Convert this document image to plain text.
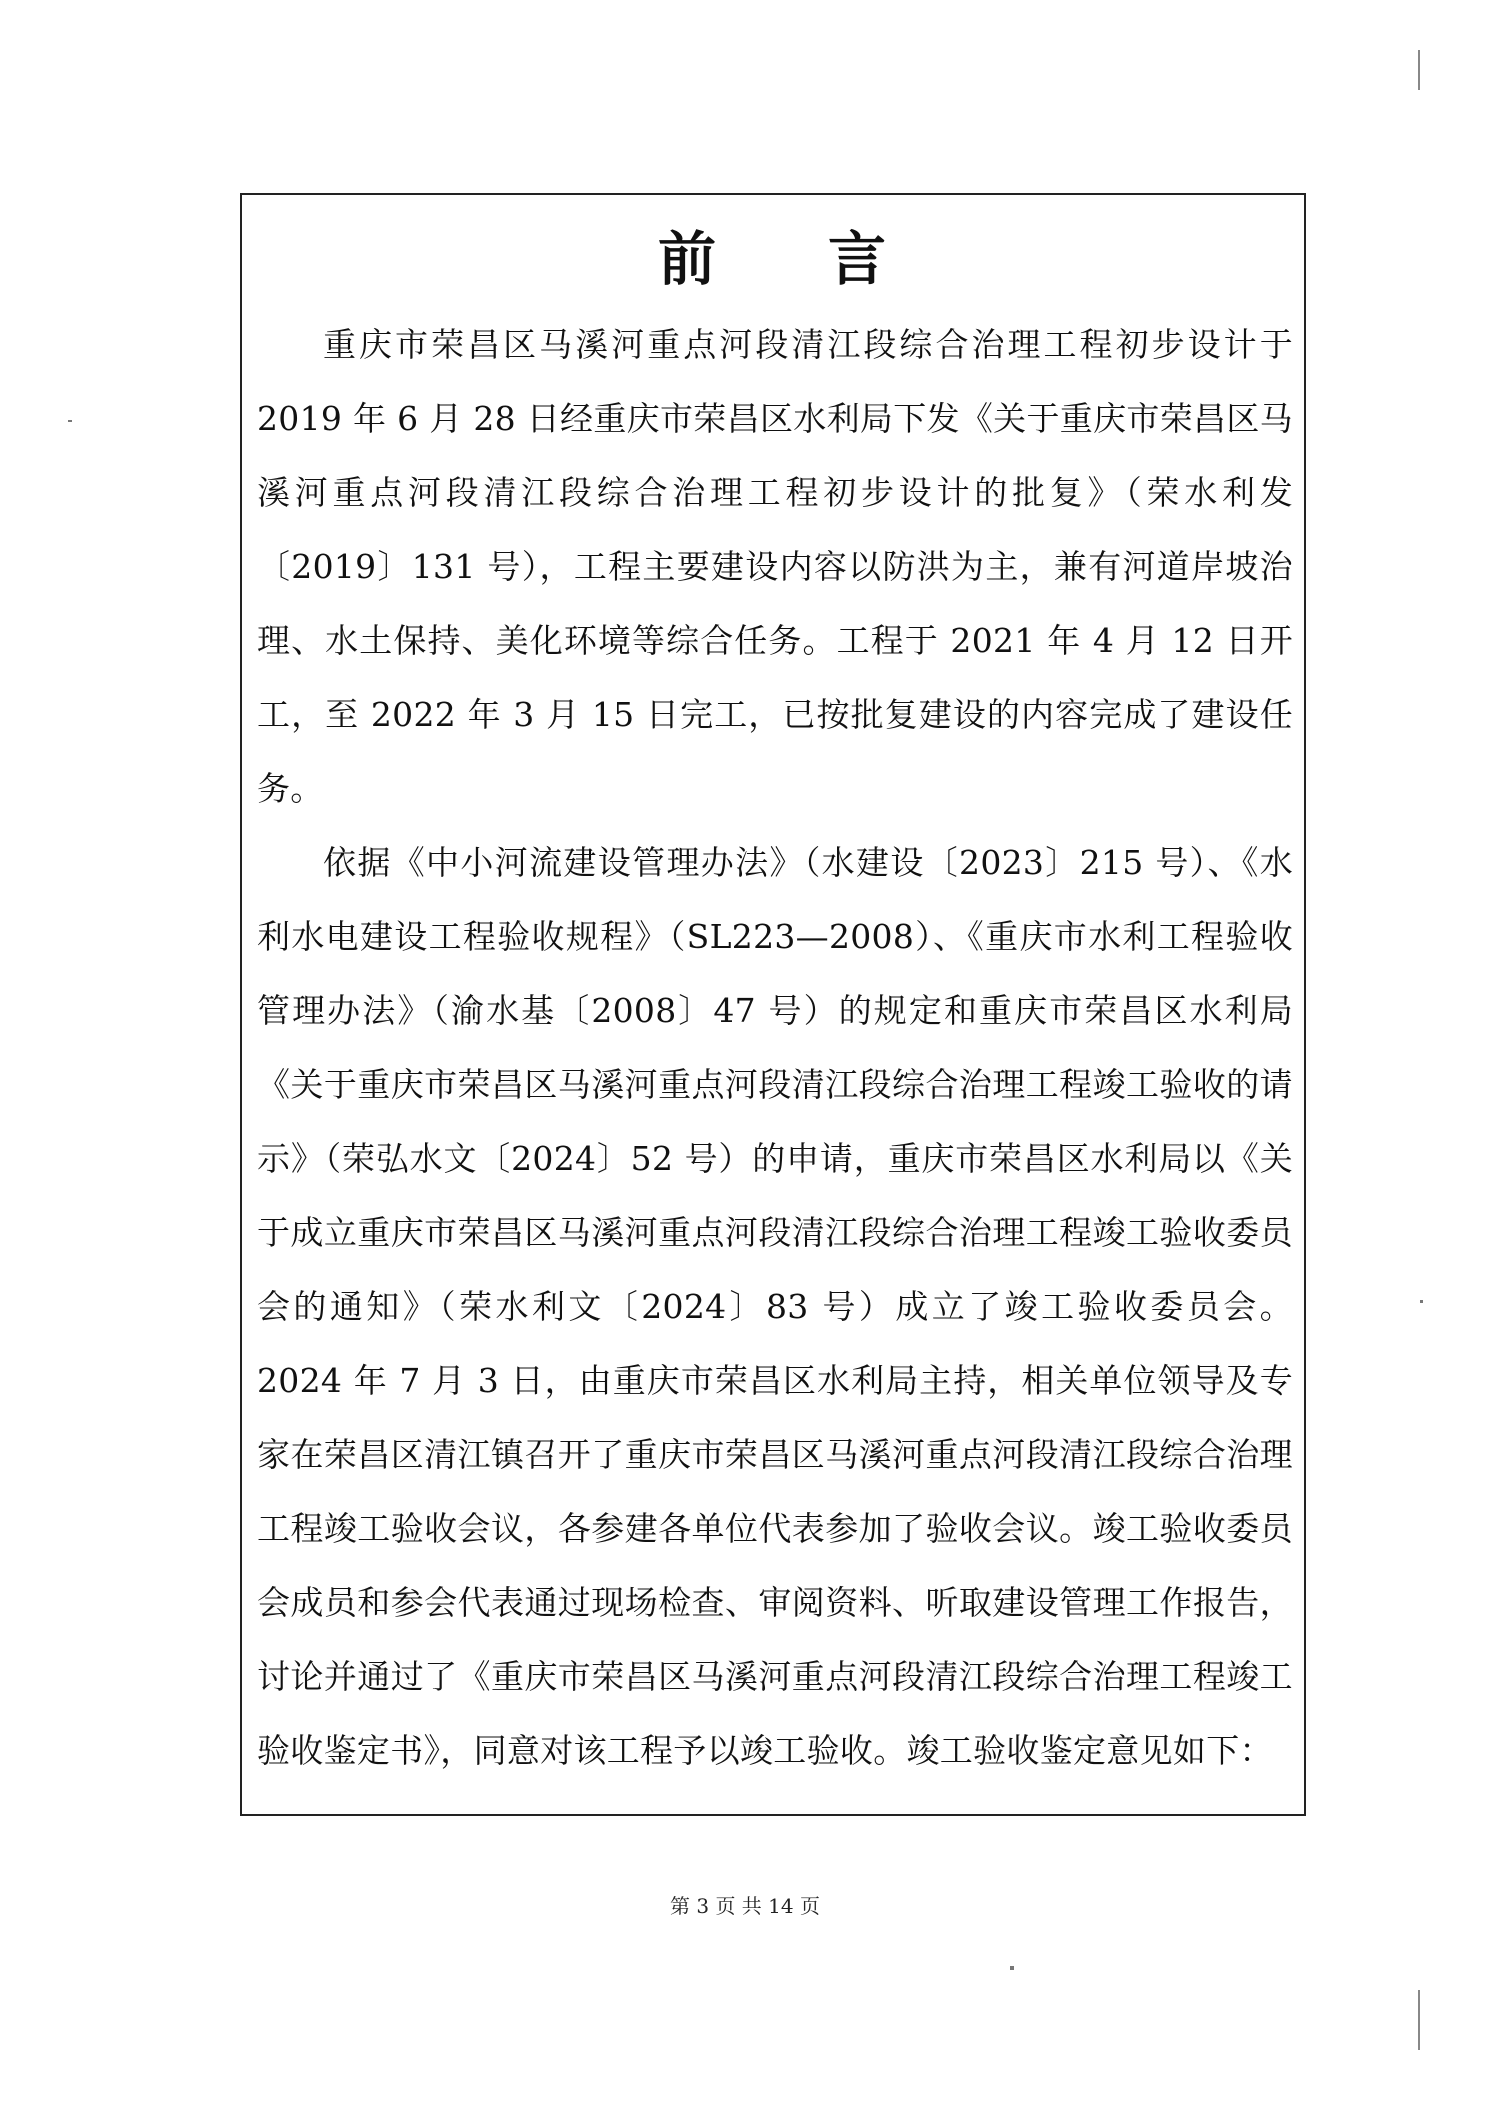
前 言

重庆市荣昌区马溪河重点河段清江段综合治理工程初步设计于 2019 年 6 月 28 日经重庆市荣昌区水利局下发《关于重庆市荣昌区马溪河重点河段清江段综合治理工程初步设计的批复》（荣水利发〔2019〕131 号），工程主要建设内容以防洪为主，兼有河道岸坡治理、水土保持、美化环境等综合任务。工程于 2021 年 4 月 12 日开工，至 2022 年 3 月 15 日完工，已按批复建设的内容完成了建设任务。

依据《中小河流建设管理办法》（水建设〔2023〕215 号）、《水利水电建设工程验收规程》（SL223—2008）、《重庆市水利工程验收管理办法》（渝水基〔2008〕47 号）的规定和重庆市荣昌区水利局《关于重庆市荣昌区马溪河重点河段清江段综合治理工程竣工验收的请示》（荣弘水文〔2024〕52 号）的申请，重庆市荣昌区水利局以《关于成立重庆市荣昌区马溪河重点河段清江段综合治理工程竣工验收委员会的通知》（荣水利文〔2024〕83 号）成立了竣工验收委员会。2024 年 7 月 3 日，由重庆市荣昌区水利局主持，相关单位领导及专家在荣昌区清江镇召开了重庆市荣昌区马溪河重点河段清江段综合治理工程竣工验收会议，各参建各单位代表参加了验收会议。竣工验收委员会成员和参会代表通过现场检查、审阅资料、听取建设管理工作报告，讨论并通过了《重庆市荣昌区马溪河重点河段清江段综合治理工程竣工验收鉴定书》，同意对该工程予以竣工验收。竣工验收鉴定意见如下：

第 3 页 共 14 页
